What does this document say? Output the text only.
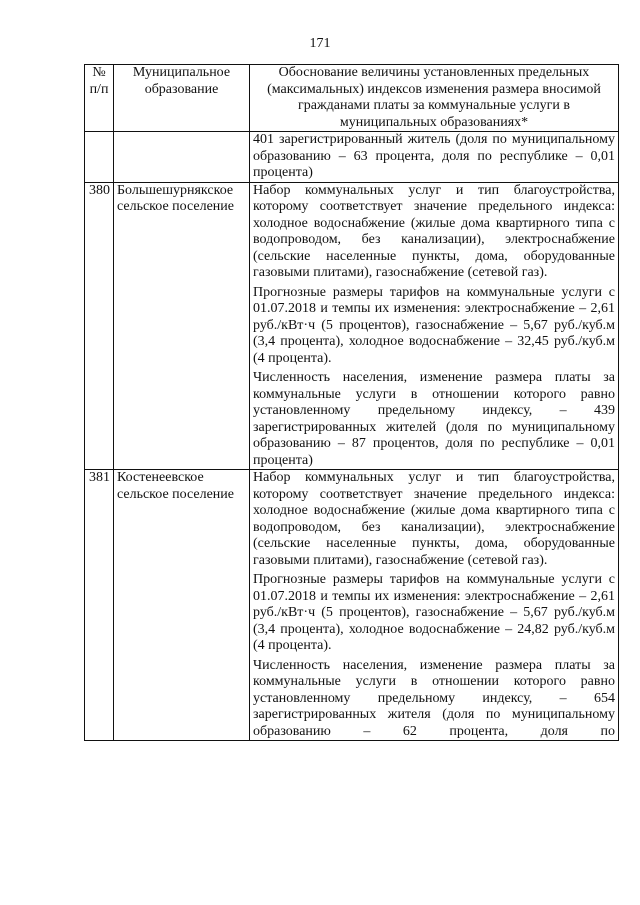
171
№ п/п	Муниципальное образование	Обоснование величины установленных предельных (максимальных) индексов изменения размера вносимой гражданами платы за коммунальные услуги в муниципальных образованиях*

		401 зарегистрированный житель (доля по муниципальному образованию – 63 процента, доля по республике – 0,01 процента)

380	Большешурнякское сельское поселение	Набор коммунальных услуг и тип благоустройства, которому соответствует значение предельного индекса: холодное водоснабжение (жилые дома квартирного типа с водопроводом, без канализации), электроснабжение (сельские населенные пункты, дома, оборудованные газовыми плитами), газоснабжение (сетевой газ).

Прогнозные размеры тарифов на коммунальные услуги с 01.07.2018 и темпы их изменения: электроснабжение – 2,61 руб./кВт·ч (5 процентов), газоснабжение – 5,67 руб./куб.м (3,4 процента), холодное водоснабжение – 32,45 руб./куб.м (4 процента).

Численность населения, изменение размера платы за коммунальные услуги в отношении которого равно установленному предельному индексу, – 439 зарегистрированных жителей (доля по муниципальному образованию – 87 процентов, доля по республике – 0,01 процента)

381	Костенеевское сельское поселение	Набор коммунальных услуг и тип благоустройства, которому соответствует значение предельного индекса: холодное водоснабжение (жилые дома квартирного типа с водопроводом, без канализации), электроснабжение (сельские населенные пункты, дома, оборудованные газовыми плитами), газоснабжение (сетевой газ).

Прогнозные размеры тарифов на коммунальные услуги с 01.07.2018 и темпы их изменения: электроснабжение – 2,61 руб./кВт·ч (5 процентов), газоснабжение – 5,67 руб./куб.м (3,4 процента), холодное водоснабжение – 24,82 руб./куб.м (4 процента).

Численность населения, изменение размера платы за коммунальные услуги в отношении которого равно установленному предельному индексу, – 654 зарегистрированных жителя (доля по муниципальному образованию – 62 процента, доля по
